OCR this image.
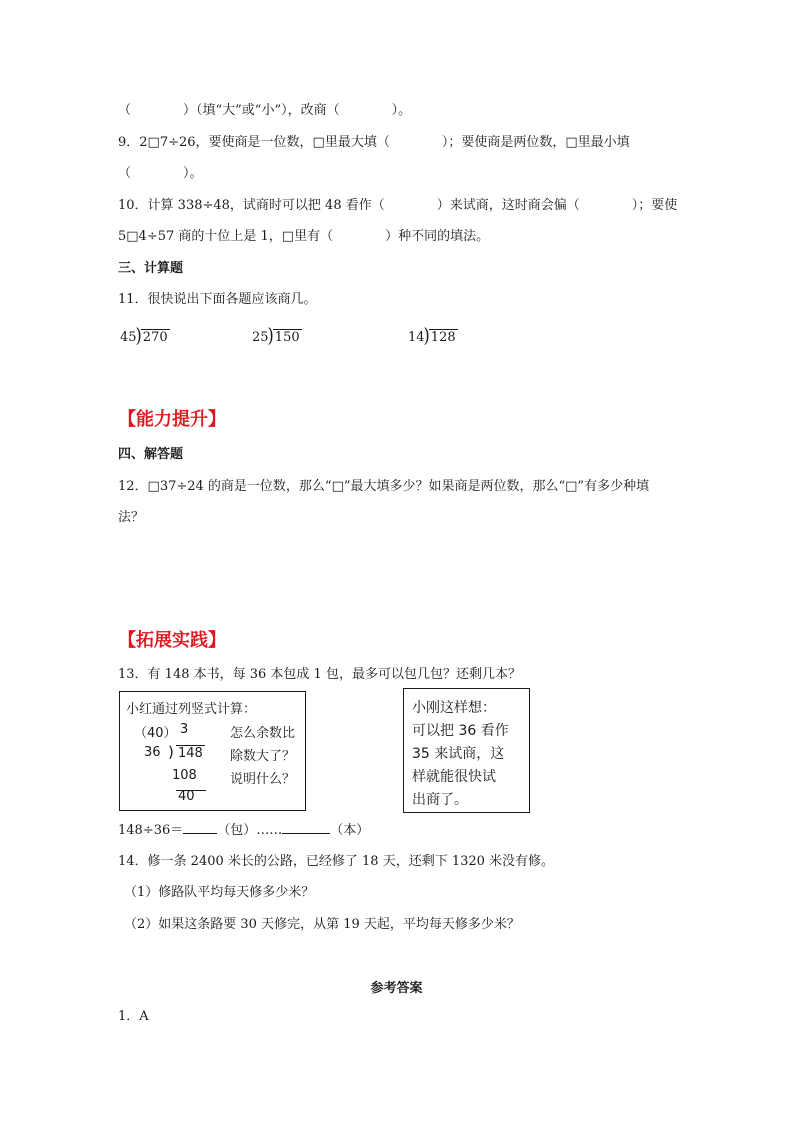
（　　　　）（填“大”或“小”），改商（　　　　）。
9．2□7÷26，要使商是一位数，□里最大填（　　　　）；要使商是两位数，□里最小填
（　　　　）。
10．计算 338÷48，试商时可以把 48 看作（　　　　）来试商，这时商会偏（　　　　）；要使
5□4÷57 商的十位上是 1，□里有（　　　　）种不同的填法。
三、计算题
11．很快说出下面各题应该商几。
45)270	25)150	14)128
【能力提升】
四、解答题
12．□37÷24 的商是一位数，那么“□”最大填多少？如果商是两位数，那么“□”有多少种填
法？
【拓展实践】
13．有 148 本书，每 36 本包成 1 包，最多可以包几包？还剩几本？
小红通过列竖式计算：
（40） 3
36 ) 148
108
40
怎么余数比
除数大了？
说明什么？
小刚这样想：
可以把 36 看作
35 来试商，这
样就能很快试
出商了。
148÷36＝	（包）……	（本）
14．修一条 2400 米长的公路，已经修了 18 天，还剩下 1320 米没有修。
（1）修路队平均每天修多少米？
（2）如果这条路要 30 天修完，从第 19 天起，平均每天修多少米？
参考答案
1．A
